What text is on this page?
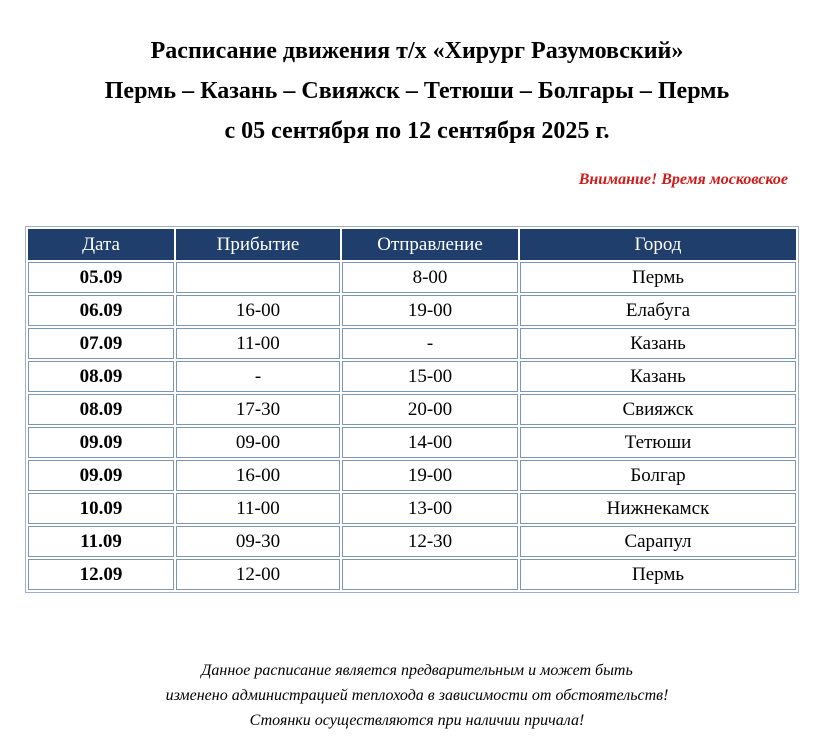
Расписание движения т/х «Хирург Разумовский»
Пермь – Казань – Свияжск – Тетюши – Болгары – Пермь
с 05 сентября по 12 сентября 2025 г.
Внимание! Время московское
Дата	Прибытие	Отправление	Город
05.09		8-00	Пермь
06.09	16-00	19-00	Елабуга
07.09	11-00	-	Казань
08.09	-	15-00	Казань
08.09	17-30	20-00	Свияжск
09.09	09-00	14-00	Тетюши
09.09	16-00	19-00	Болгар
10.09	11-00	13-00	Нижнекамск
11.09	09-30	12-30	Сарапул
12.09	12-00		Пермь
Данное расписание является предварительным и может быть
изменено администрацией теплохода в зависимости от обстоятельств!
Стоянки осуществляются при наличии причала!
